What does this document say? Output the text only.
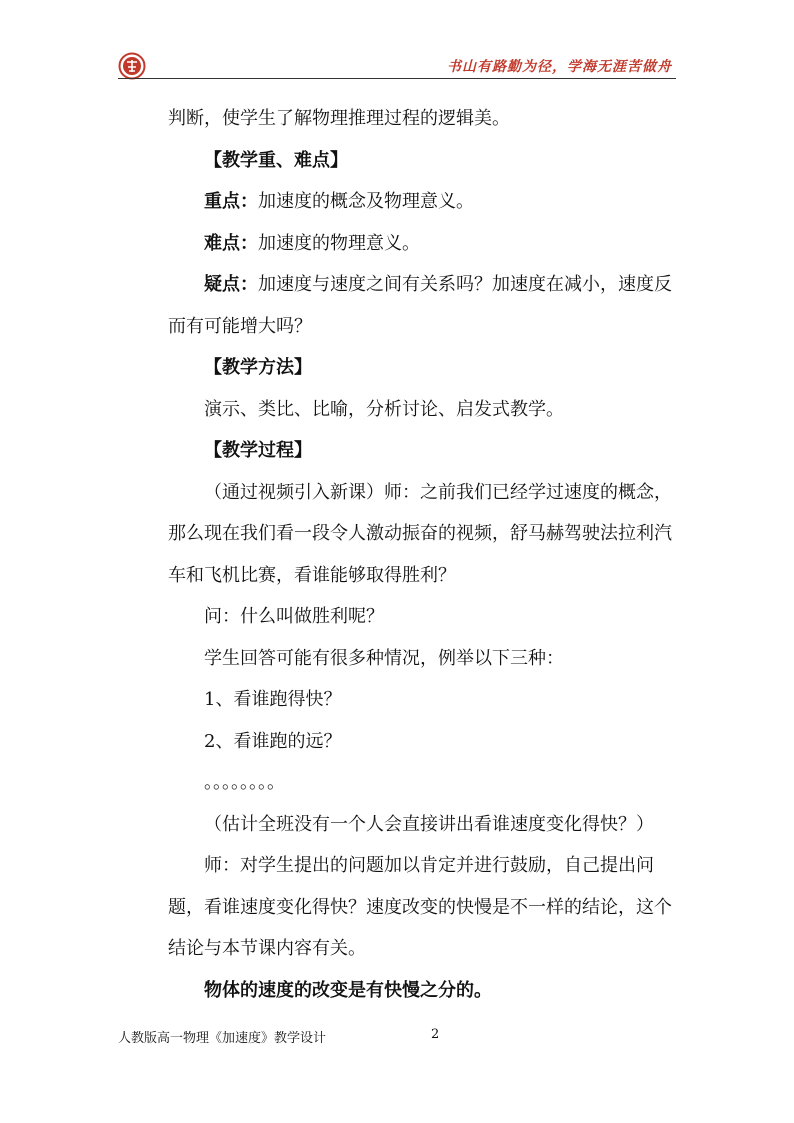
书山有路勤为径，学海无涯苦做舟

判断，使学生了解物理推理过程的逻辑美。

【教学重、难点】

重点：加速度的概念及物理意义。

难点：加速度的物理意义。

疑点：加速度与速度之间有关系吗？加速度在减小，速度反而有可能增大吗？

【教学方法】

演示、类比、比喻，分析讨论、启发式教学。

【教学过程】

（通过视频引入新课）师：之前我们已经学过速度的概念，那么现在我们看一段令人激动振奋的视频，舒马赫驾驶法拉利汽车和飞机比赛，看谁能够取得胜利？

问：什么叫做胜利呢？

学生回答可能有很多种情况，例举以下三种：

1、看谁跑得快？

2、看谁跑的远？

。。。。。。。。

（估计全班没有一个人会直接讲出看谁速度变化得快？）

师：对学生提出的问题加以肯定并进行鼓励，自己提出问题，看谁速度变化得快？速度改变的快慢是不一样的结论，这个结论与本节课内容有关。

物体的速度的改变是有快慢之分的。

人教版高一物理《加速度》教学设计	2
